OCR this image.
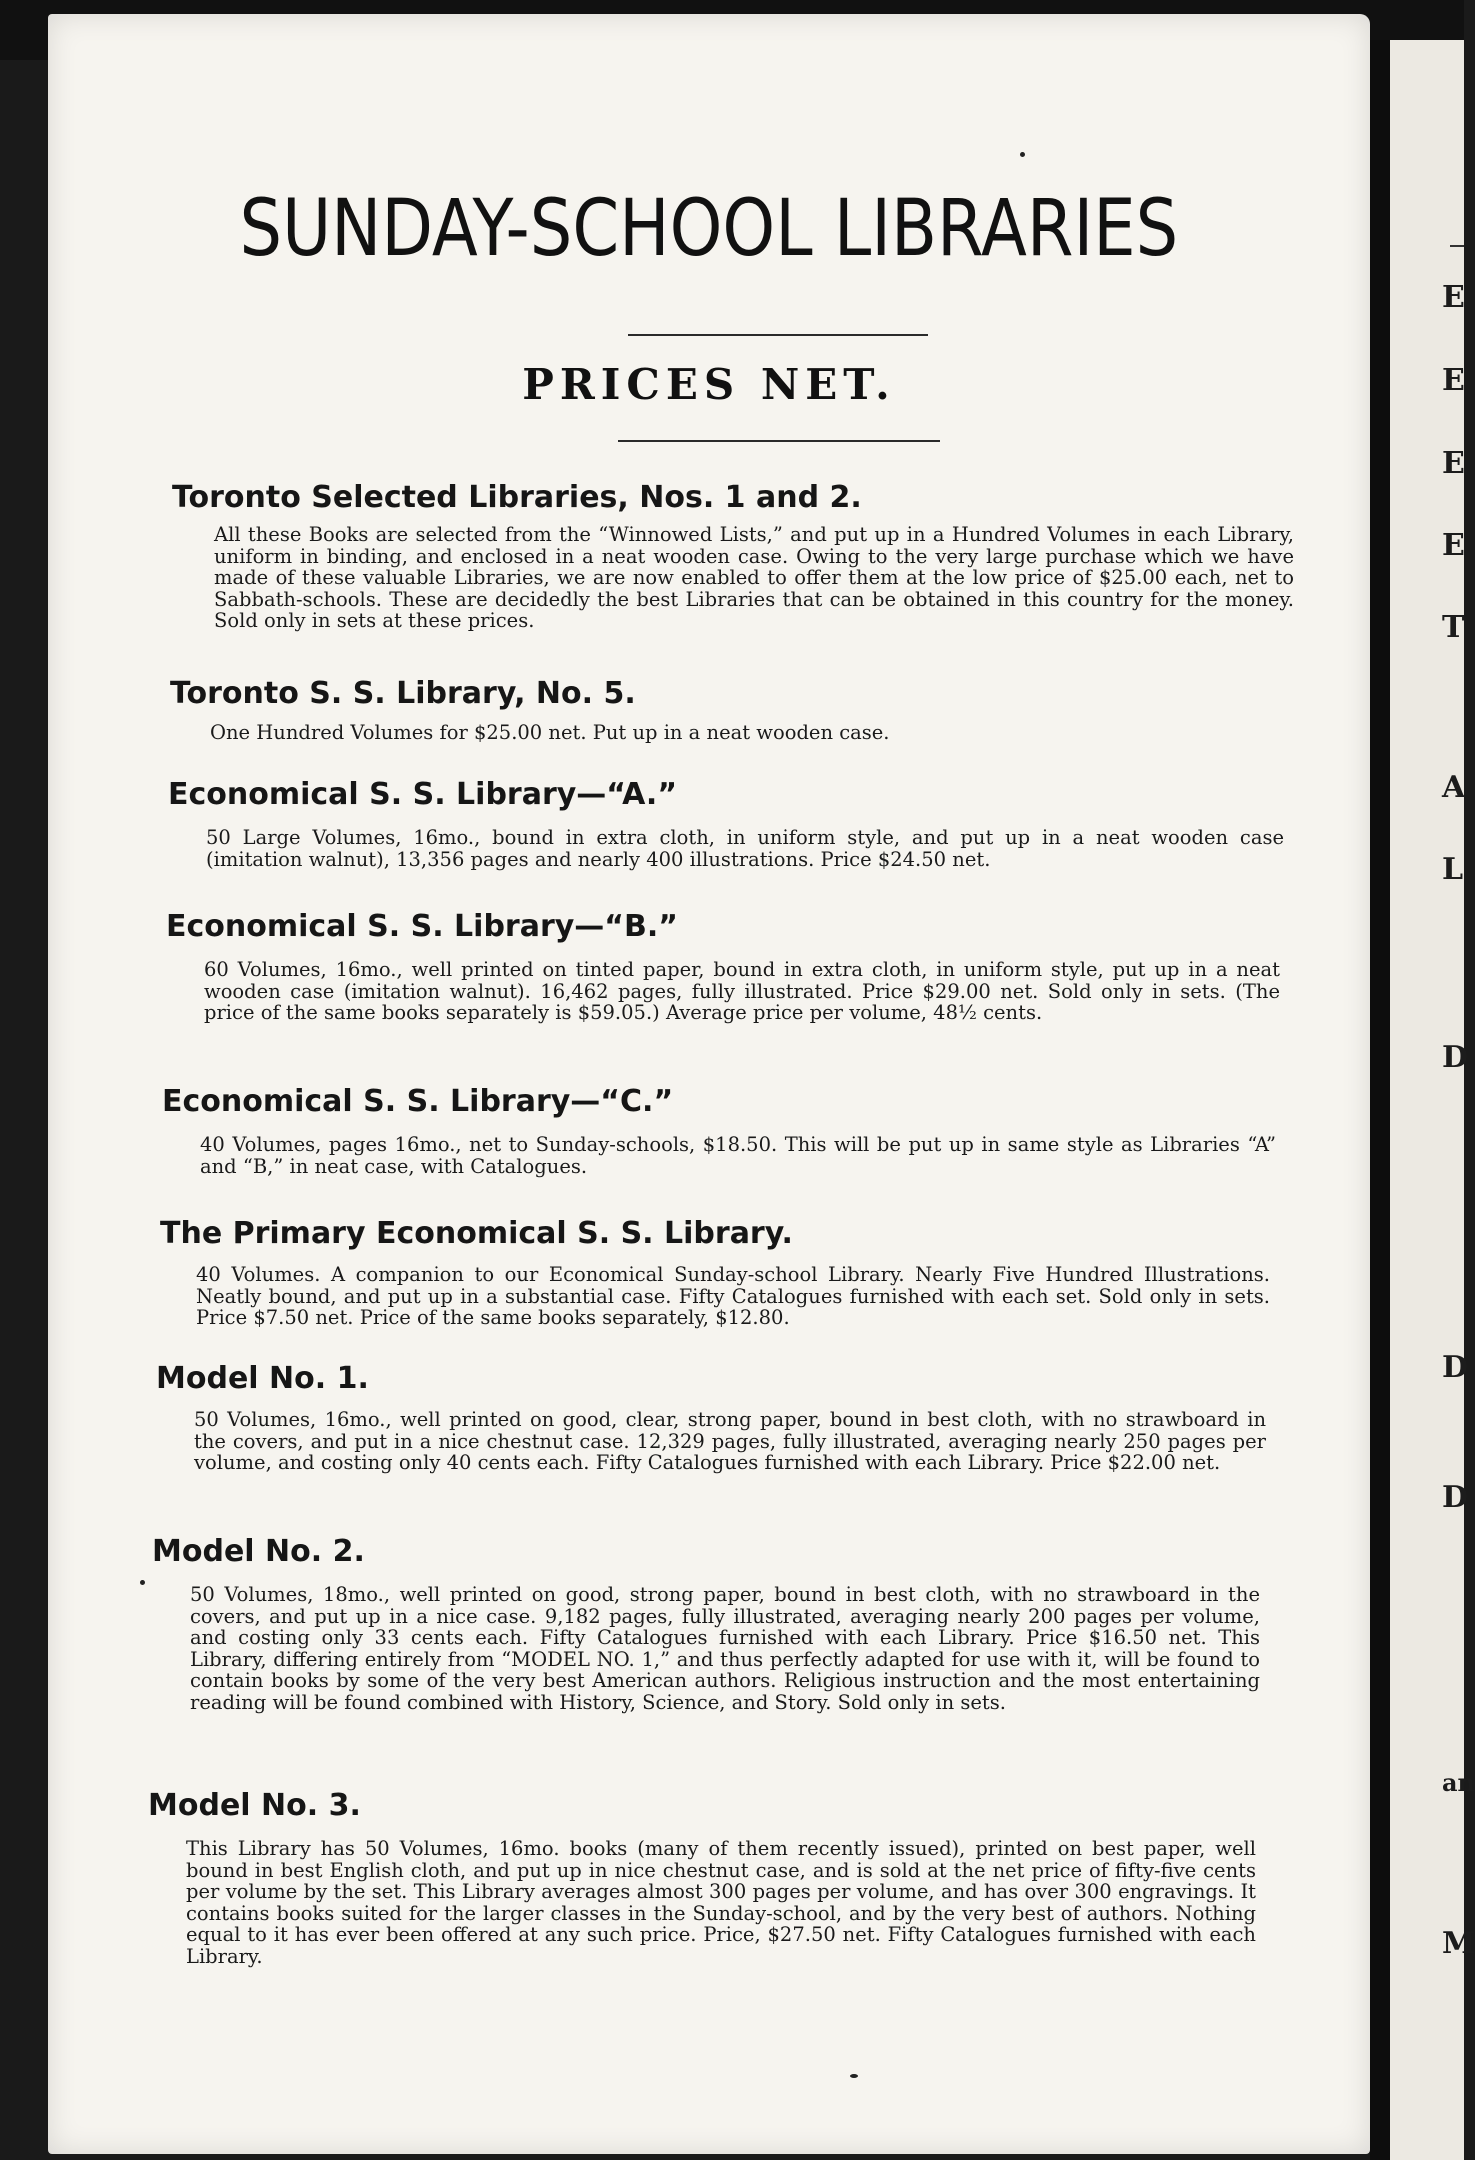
SUNDAY-SCHOOL LIBRARIES
PRICES NET.
Toronto Selected Libraries, Nos. 1 and 2.

All these Books are selected from the “Winnowed Lists,” and put up in a Hundred Volumes in each Library, uniform in binding, and enclosed in a neat wooden case. Owing to the very large purchase which we have made of these valuable Libraries, we are now enabled to offer them at the low price of $25.00 each, net to Sabbath-schools. These are decidedly the best Libraries that can be obtained in this country for the money. Sold only in sets at these prices.

Toronto S. S. Library, No. 5.

One Hundred Volumes for $25.00 net. Put up in a neat wooden case.

Economical S. S. Library—“A.”

50 Large Volumes, 16mo., bound in extra cloth, in uniform style, and put up in a neat wooden case (imitation walnut), 13,356 pages and nearly 400 illustrations. Price $24.50 net.

Economical S. S. Library—“B.”

60 Volumes, 16mo., well printed on tinted paper, bound in extra cloth, in uniform style, put up in a neat wooden case (imitation walnut). 16,462 pages, fully illustrated. Price $29.00 net. Sold only in sets. (The price of the same books separately is $59.05.) Average price per volume, 48½ cents.

Economical S. S. Library—“C.”

40 Volumes, pages 16mo., net to Sunday-schools, $18.50. This will be put up in same style as Libraries “A” and “B,” in neat case, with Catalogues.

The Primary Economical S. S. Library.

40 Volumes. A companion to our Economical Sunday-school Library. Nearly Five Hundred Illustrations. Neatly bound, and put up in a substantial case. Fifty Catalogues furnished with each set. Sold only in sets. Price $7.50 net. Price of the same books separately, $12.80.

Model No. 1.

50 Volumes, 16mo., well printed on good, clear, strong paper, bound in best cloth, with no strawboard in the covers, and put in a nice chestnut case. 12,329 pages, fully illustrated, averaging nearly 250 pages per volume, and costing only 40 cents each. Fifty Catalogues furnished with each Library. Price $22.00 net.

Model No. 2.

50 Volumes, 18mo., well printed on good, strong paper, bound in best cloth, with no strawboard in the covers, and put up in a nice case. 9,182 pages, fully illustrated, averaging nearly 200 pages per volume, and costing only 33 cents each. Fifty Catalogues furnished with each Library. Price $16.50 net. This Library, differing entirely from “MODEL NO. 1,” and thus perfectly adapted for use with it, will be found to contain books by some of the very best American authors. Religious instruction and the most entertaining reading will be found combined with History, Science, and Story. Sold only in sets.

Model No. 3.

This Library has 50 Volumes, 16mo. books (many of them recently issued), printed on best paper, well bound in best English cloth, and put up in nice chestnut case, and is sold at the net price of fifty-five cents per volume by the set. This Library averages almost 300 pages per volume, and has over 300 engravings. It contains books suited for the larger classes in the Sunday-school, and by the very best of authors. Nothing equal to it has ever been offered at any such price. Price, $27.50 net. Fifty Catalogues furnished with each Library.

E
E
E
E
T
A
L
D
D
D
an
M
